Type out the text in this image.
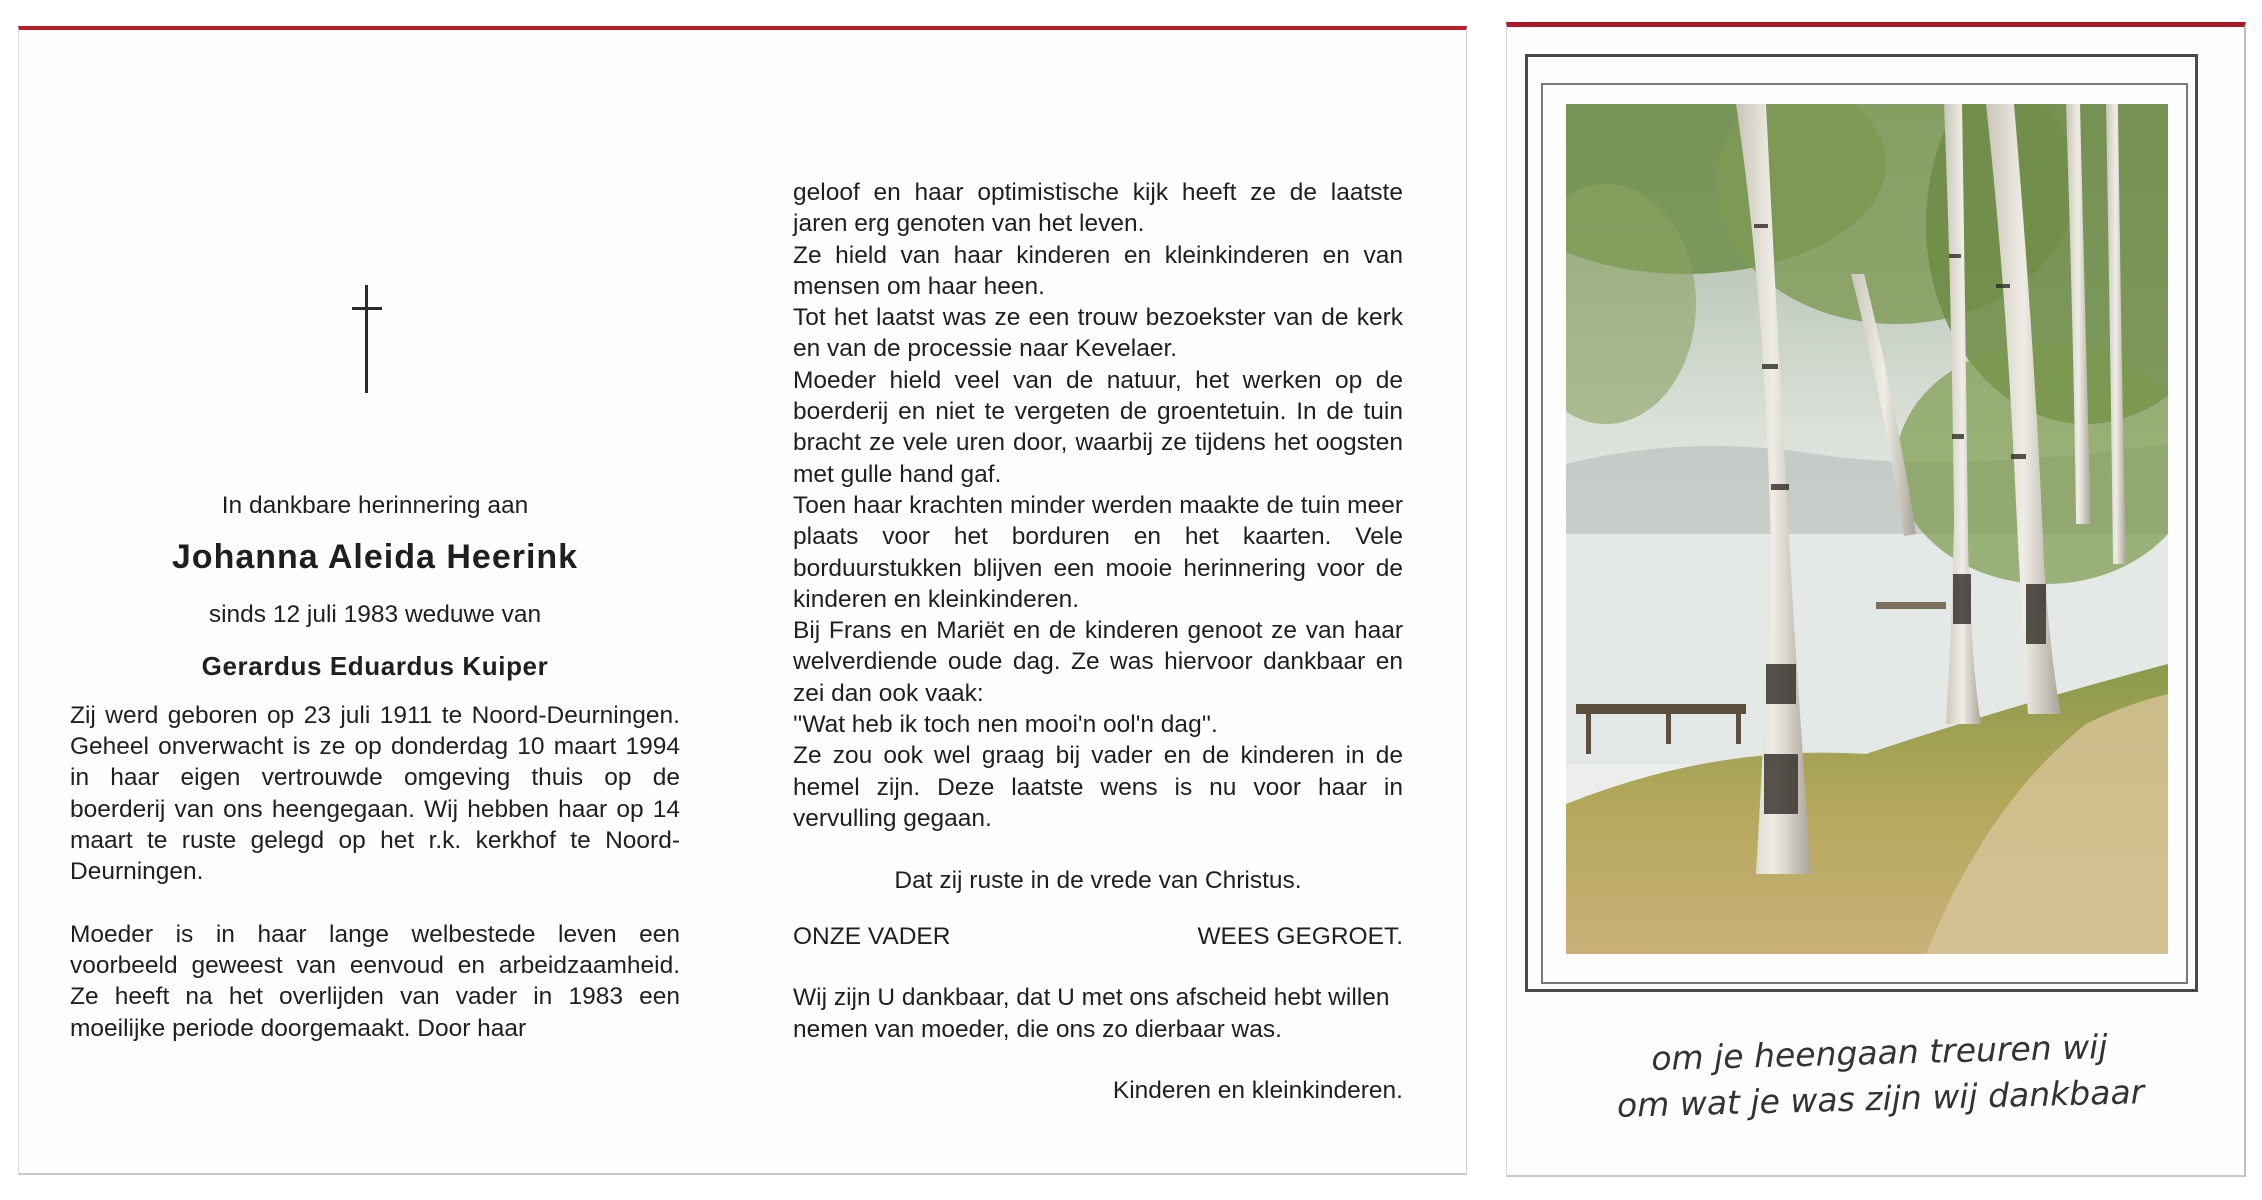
In dankbare herinnering aan

Johanna Aleida Heerink

sinds 12 juli 1983 weduwe van

Gerardus Eduardus Kuiper

Zij werd geboren op 23 juli 1911 te Noord-Deurningen. Geheel onverwacht is ze op donderdag 10 maart 1994 in haar eigen vertrouwde omgeving thuis op de boerderij van ons heengegaan. Wij hebben haar op 14 maart te ruste gelegd op het r.k. kerkhof te Noord-Deurningen.

Moeder is in haar lange welbestede leven een voorbeeld geweest van eenvoud en arbeidzaamheid. Ze heeft na het overlijden van vader in 1983 een moeilijke periode doorgemaakt. Door haar

geloof en haar optimistische kijk heeft ze de laatste jaren erg genoten van het leven.

Ze hield van haar kinderen en kleinkinderen en van mensen om haar heen.

Tot het laatst was ze een trouw bezoekster van de kerk en van de processie naar Kevelaer.

Moeder hield veel van de natuur, het werken op de boerderij en niet te vergeten de groentetuin. In de tuin bracht ze vele uren door, waarbij ze tijdens het oogsten met gulle hand gaf.

Toen haar krachten minder werden maakte de tuin meer plaats voor het borduren en het kaarten. Vele borduurstukken blijven een mooie herinnering voor de kinderen en kleinkinderen.

Bij Frans en Mariët en de kinderen genoot ze van haar welverdiende oude dag. Ze was hiervoor dankbaar en zei dan ook vaak:

''Wat heb ik toch nen mooi'n ool'n dag''.

Ze zou ook wel graag bij vader en de kinderen in de hemel zijn. Deze laatste wens is nu voor haar in vervulling gegaan.

Dat zij ruste in de vrede van Christus.

ONZE VADER	WEES GEGROET.

Wij zijn U dankbaar, dat U met ons afscheid hebt willen nemen van moeder, die ons zo dierbaar was.

Kinderen en kleinkinderen.

om je heengaan treuren wij
om wat je was zijn wij dankbaar
